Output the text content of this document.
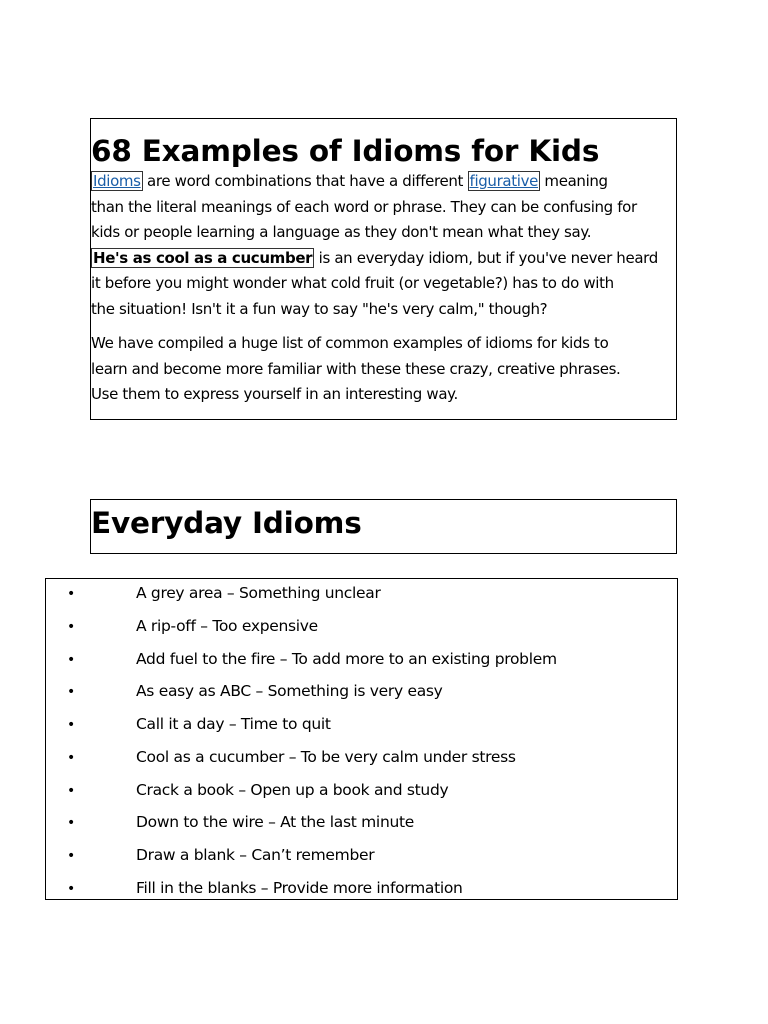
68 Examples of Idioms for Kids

Idioms are word combinations that have a different figurative meaning
than the literal meanings of each word or phrase. They can be confusing for
kids or people learning a language as they don't mean what they say.
He's as cool as a cucumber is an everyday idiom, but if you've never heard
it before you might wonder what cold fruit (or vegetable?) has to do with
the situation! Isn't it a fun way to say "he's very calm," though?

We have compiled a huge list of common examples of idioms for kids to
learn and become more familiar with these these crazy, creative phrases.
Use them to express yourself in an interesting way.

Everyday Idioms
•	A grey area – Something unclear
•	A rip-off – Too expensive
•	Add fuel to the fire – To add more to an existing problem
•	As easy as ABC – Something is very easy
•	Call it a day – Time to quit
•	Cool as a cucumber – To be very calm under stress
•	Crack a book – Open up a book and study
•	Down to the wire – At the last minute
•	Draw a blank – Can’t remember
•	Fill in the blanks – Provide more information
